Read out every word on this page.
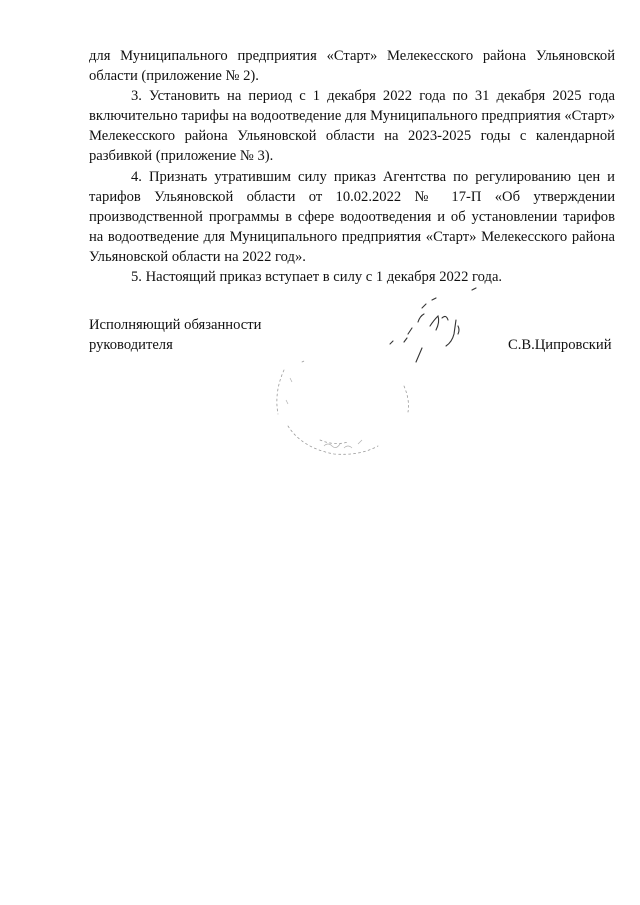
для Муниципального предприятия «Старт» Мелекесского района Ульяновской области (приложение № 2).

3. Установить на период с 1 декабря 2022 года по 31 декабря 2025 года включительно тарифы на водоотведение для Муниципального предприятия «Старт» Мелекесского района Ульяновской области на 2023-2025 годы с календарной разбивкой (приложение № 3).

4. Признать утратившим силу приказ Агентства по регулированию цен и тарифов Ульяновской области от 10.02.2022 № 17-П «Об утверждении производственной программы в сфере водоотведения и об установлении тарифов на водоотведение для Муниципального предприятия «Старт» Мелекесского района Ульяновской области на 2022 год».

5. Настоящий приказ вступает в силу с 1 декабря 2022 года.

Исполняющий обязанности
руководителя	С.В.Ципровский
